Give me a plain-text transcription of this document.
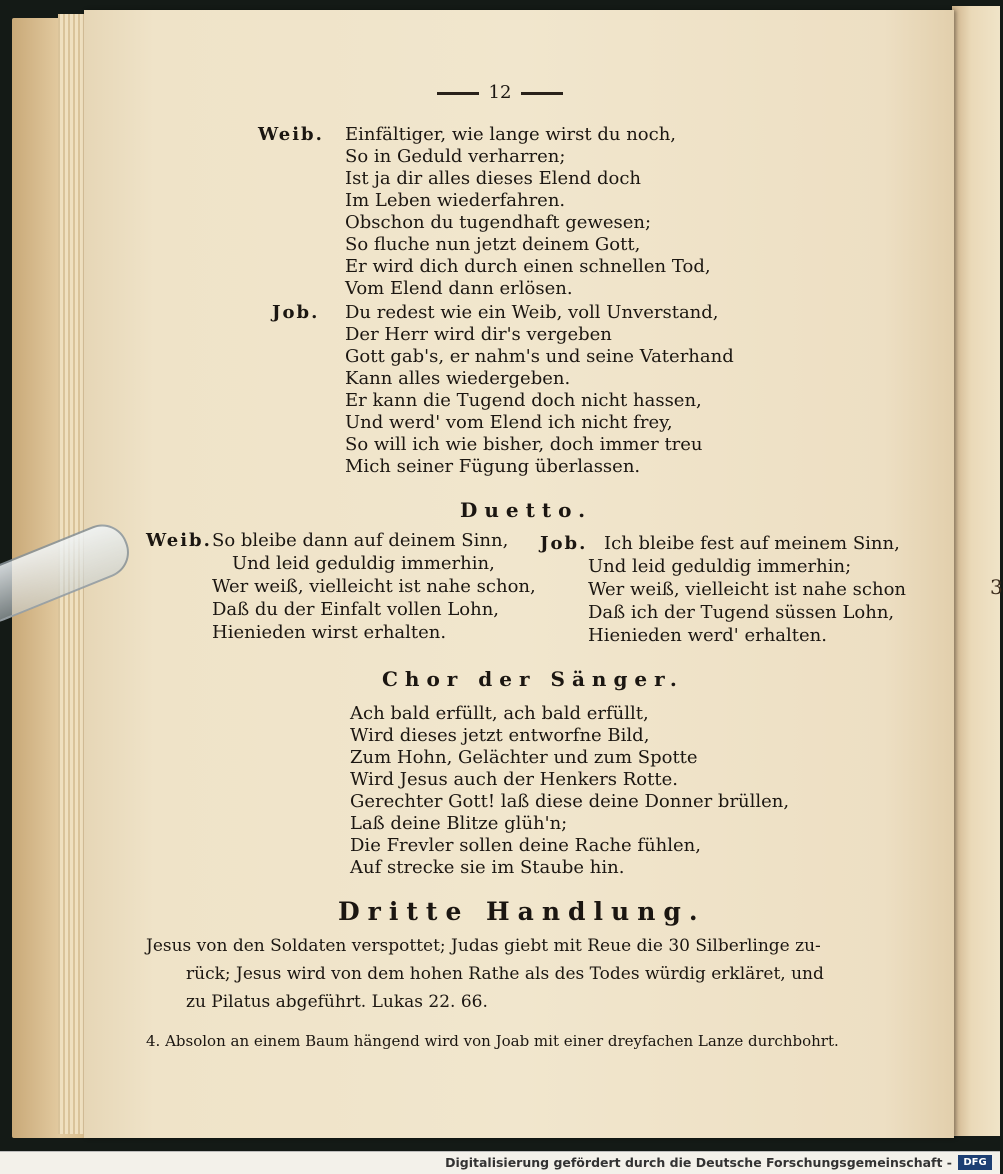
3
12
Weib. Einfältiger, wie lange wirst du noch,
So in Geduld verharren;
Ist ja dir alles dieses Elend doch
Im Leben wiederfahren.
Obschon du tugendhaft gewesen;
So fluche nun jetzt deinem Gott,
Er wird dich durch einen schnellen Tod,
Vom Elend dann erlösen.
Job. Du redest wie ein Weib, voll Unverstand,
Der Herr wird dir's vergeben
Gott gab's, er nahm's und seine Vaterhand
Kann alles wiedergeben.
Er kann die Tugend doch nicht hassen,
Und werd' vom Elend ich nicht frey,
So will ich wie bisher, doch immer treu
Mich seiner Fügung überlassen.
Duetto.
Weib. So bleibe dann auf deinem Sinn,
Und leid geduldig immerhin,
Wer weiß, vielleicht ist nahe schon,
Daß du der Einfalt vollen Lohn,
Hienieden wirst erhalten.
Job. Ich bleibe fest auf meinem Sinn,
Und leid geduldig immerhin;
Wer weiß, vielleicht ist nahe schon
Daß ich der Tugend süssen Lohn,
Hienieden werd' erhalten.
Chor der Sänger.
Ach bald erfüllt, ach bald erfüllt,
Wird dieses jetzt entworfne Bild,
Zum Hohn, Gelächter und zum Spotte
Wird Jesus auch der Henkers Rotte.
Gerechter Gott! laß diese deine Donner brüllen,
Laß deine Blitze glüh'n;
Die Frevler sollen deine Rache fühlen,
Auf strecke sie im Staube hin.
Dritte Handlung.
Jesus von den Soldaten verspottet; Judas giebt mit Reue die 30 Silberlinge zu-
rück; Jesus wird von dem hohen Rathe als des Todes würdig erkläret, und
zu Pilatus abgeführt. Lukas 22. 66.
4. Absolon an einem Baum hängend wird von Joab mit einer dreyfachen Lanze durchbohrt.
Digitalisierung gefördert durch die Deutsche Forschungsgemeinschaft -	DFG
